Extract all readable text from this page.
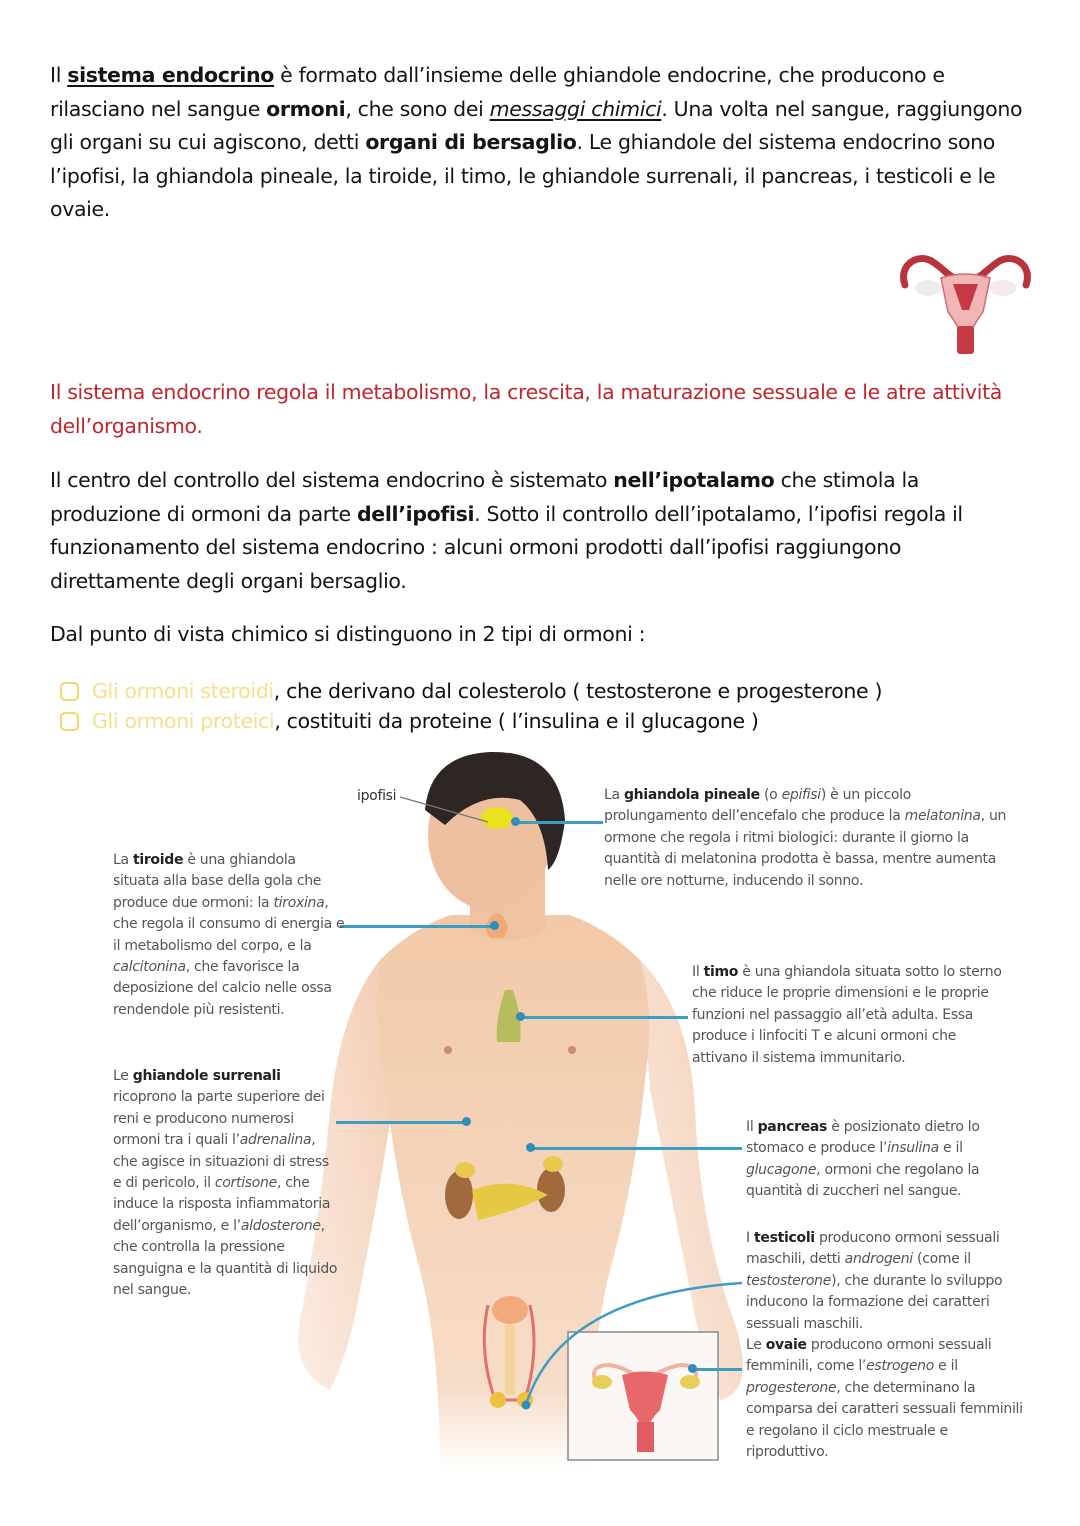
Il sistema endocrino è formato dall’insieme delle ghiandole endocrine, che producono e rilasciano nel sangue ormoni, che sono dei messaggi chimici. Una volta nel sangue, raggiungono gli organi su cui agiscono, detti organi di bersaglio. Le ghiandole del sistema endocrino sono l’ipofisi, la ghiandola pineale, la tiroide, il timo, le ghiandole surrenali, il pancreas, i testicoli e le ovaie.

Il sistema endocrino regola il metabolismo, la crescita, la maturazione sessuale e le atre attività dell’organismo.

Il centro del controllo del sistema endocrino è sistemato nell’ipotalamo che stimola la produzione di ormoni da parte dell’ipofisi. Sotto il controllo dell’ipotalamo, l’ipofisi regola il funzionamento del sistema endocrino : alcuni ormoni prodotti dall’ipofisi raggiungono direttamente degli organi bersaglio.

Dal punto di vista chimico si distinguono in 2 tipi di ormoni :

Gli ormoni steroidi , che derivano dal colesterolo ( testosterone e progesterone )
Gli ormoni proteici , costituiti da proteine ( l’insulina e il glucagone )
ipofisi
La tiroide è una ghiandola situata alla base della gola che produce due ormoni: la tiroxina, che regola il consumo di energia e il metabolismo del corpo, e la calcitonina, che favorisce la deposizione del calcio nelle ossa rendendole più resistenti.
Le ghiandole surrenali ricoprono la parte superiore dei reni e producono numerosi ormoni tra i quali l’adrenalina, che agisce in situazioni di stress e di pericolo, il cortisone, che induce la risposta infiammatoria dell’organismo, e l’aldosterone, che controlla la pressione sanguigna e la quantità di liquido nel sangue.
La ghiandola pineale (o epifisi) è un piccolo prolungamento dell’encefalo che produce la melatonina, un ormone che regola i ritmi biologici: durante il giorno la quantità di melatonina prodotta è bassa, mentre aumenta nelle ore notturne, inducendo il sonno.
Il timo è una ghiandola situata sotto lo sterno che riduce le proprie dimensioni e le proprie funzioni nel passaggio all’età adulta. Essa produce i linfociti T e alcuni ormoni che attivano il sistema immunitario.
Il pancreas è posizionato dietro lo stomaco e produce l’insulina e il glucagone, ormoni che regolano la quantità di zuccheri nel sangue.
I testicoli producono ormoni sessuali maschili, detti androgeni (come il testosterone), che durante lo sviluppo inducono la formazione dei caratteri sessuali maschili.
Le ovaie producono ormoni sessuali femminili, come l’estrogeno e il progesterone, che determinano la comparsa dei caratteri sessuali femminili e regolano il ciclo mestruale e riproduttivo.
